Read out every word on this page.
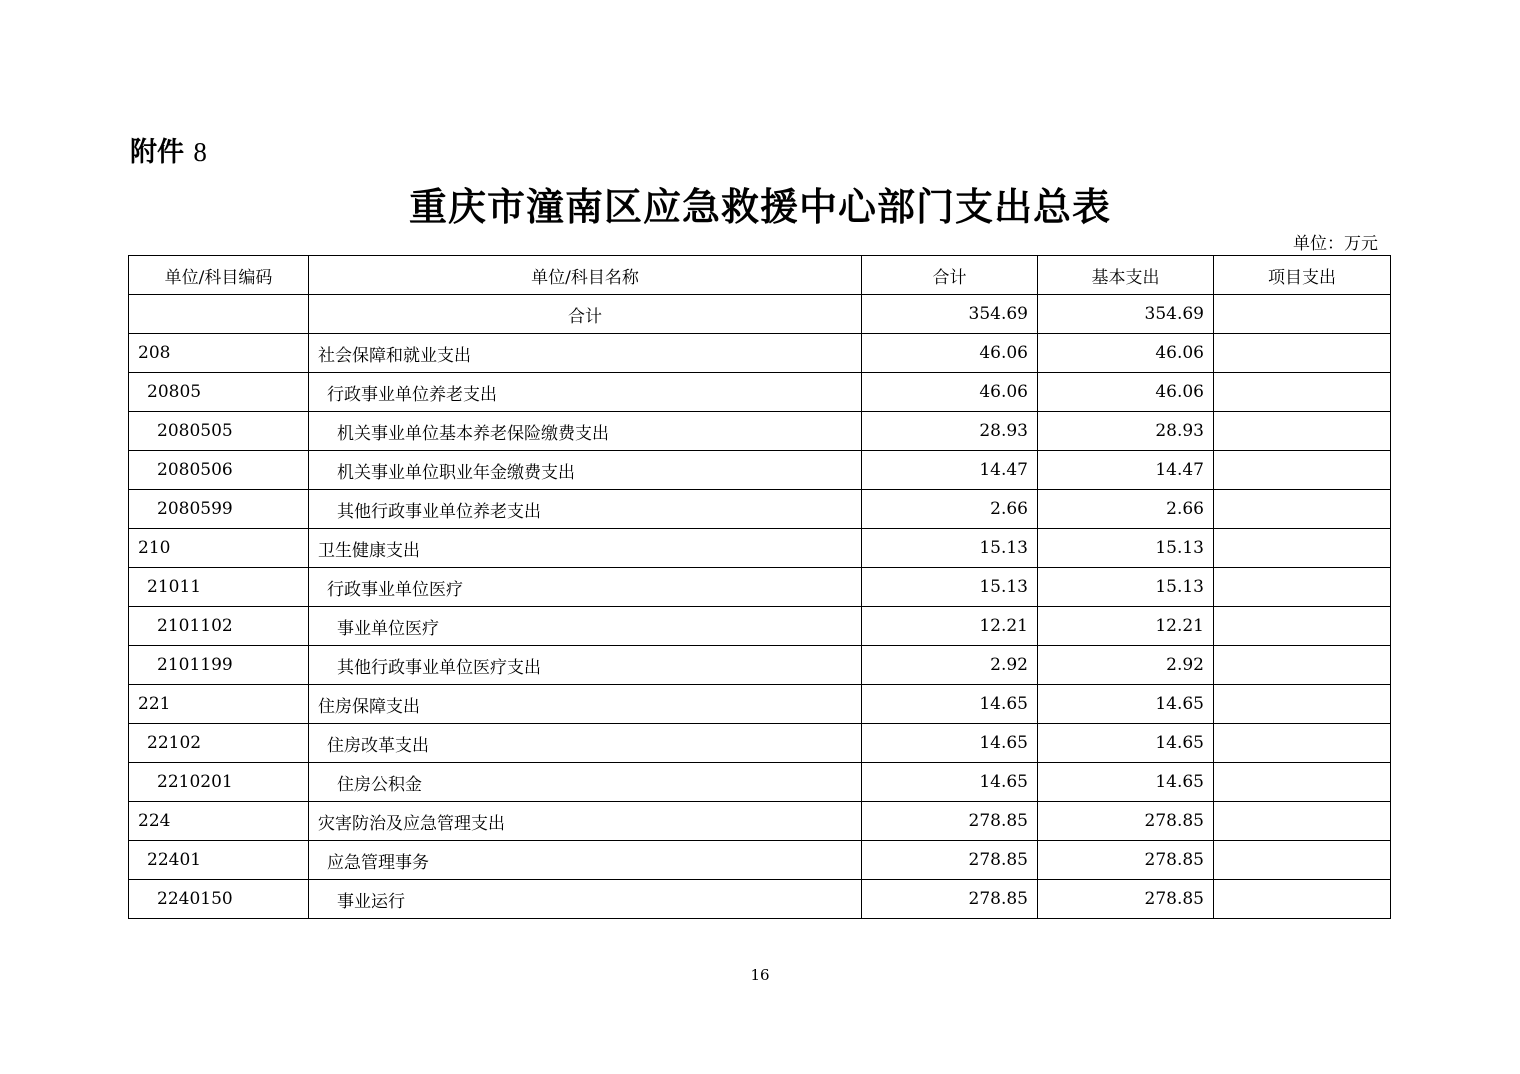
附件 8
重庆市潼南区应急救援中心部门支出总表
单位：万元
单位/科目编码	单位/科目名称	合计	基本支出	项目支出
	合计	354.69	354.69	
208	社会保障和就业支出	46.06	46.06	
20805	行政事业单位养老支出	46.06	46.06	
2080505	机关事业单位基本养老保险缴费支出	28.93	28.93	
2080506	机关事业单位职业年金缴费支出	14.47	14.47	
2080599	其他行政事业单位养老支出	2.66	2.66	
210	卫生健康支出	15.13	15.13	
21011	行政事业单位医疗	15.13	15.13	
2101102	事业单位医疗	12.21	12.21	
2101199	其他行政事业单位医疗支出	2.92	2.92	
221	住房保障支出	14.65	14.65	
22102	住房改革支出	14.65	14.65	
2210201	住房公积金	14.65	14.65	
224	灾害防治及应急管理支出	278.85	278.85	
22401	应急管理事务	278.85	278.85	
2240150	事业运行	278.85	278.85	
16
